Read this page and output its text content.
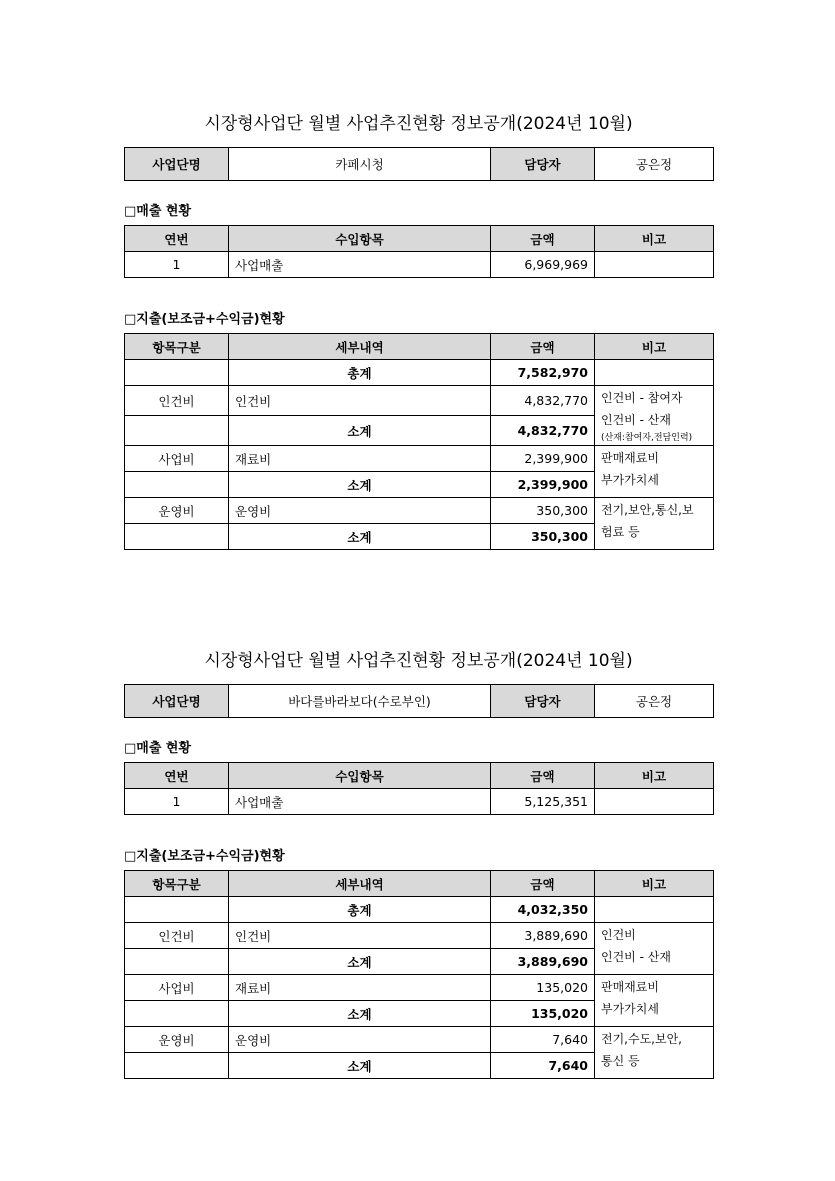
시장형사업단 월별 사업추진현황 정보공개(2024년 10월)
사업단명	카페시청	담당자	공은정
□매출 현황
연번	수입항목	금액	비고
1	사업매출	6,969,969	
□지출(보조금+수익금)현황
항목구분	세부내역	금액	비고
	총계	7,582,970	
인건비	인건비	4,832,770	인건비 - 참여자
인건비 - 산재
(산재:참여자,전담인력)

	소계	4,832,770	
사업비	재료비	2,399,900	판매재료비
부가가치세

	소계	2,399,900	
운영비	운영비	350,300	전기,보안,통신,보
험료 등

	소계	350,300	
시장형사업단 월별 사업추진현황 정보공개(2024년 10월)
사업단명	바다를바라보다(수로부인)	담당자	공은정
□매출 현황
연번	수입항목	금액	비고
1	사업매출	5,125,351	
□지출(보조금+수익금)현황
항목구분	세부내역	금액	비고
	총계	4,032,350	
인건비	인건비	3,889,690	인건비
인건비 - 산재

	소계	3,889,690	
사업비	재료비	135,020	판매재료비
부가가치세

	소계	135,020	
운영비	운영비	7,640	전기,수도,보안,
통신 등

	소계	7,640	
